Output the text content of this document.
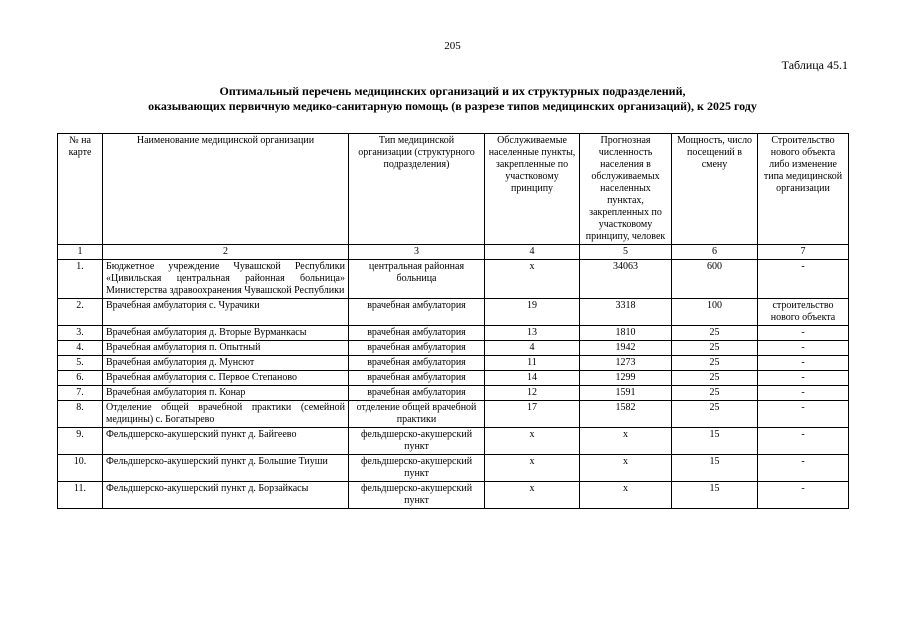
205
Таблица 45.1
Оптимальный перечень медицинских организаций и их структурных подразделений,
оказывающих первичную медико-санитарную помощь (в разрезе типов медицинских организаций), к 2025 году
№ на карте	Наименование медицинской организации	Тип медицинской организации (структурного подразделения)	Обслуживаемые населенные пункты, закрепленные по участковому принципу	Прогнозная численность населения в обслуживаемых населенных пунктах, закрепленных по участковому принципу, человек	Мощность, число посещений в смену	Строительство нового объекта либо изменение типа медицинской организации
1	2	3	4	5	6	7
1.	Бюджетное учреждение Чувашской Республики «Цивильская центральная районная больница» Министерства здравоохранения Чувашской Республики	центральная районная больница	х	34063	600	-
2.	Врачебная амбулатория с. Чурачики	врачебная амбулатория	19	3318	100	строительство нового объекта
3.	Врачебная амбулатория д. Вторые Вурманкасы	врачебная амбулатория	13	1810	25	-
4.	Врачебная амбулатория п. Опытный	врачебная амбулатория	4	1942	25	-
5.	Врачебная амбулатория д. Мунсют	врачебная амбулатория	11	1273	25	-
6.	Врачебная амбулатория с. Первое Степаново	врачебная амбулатория	14	1299	25	-
7.	Врачебная амбулатория п. Конар	врачебная амбулатория	12	1591	25	-
8.	Отделение общей врачебной практики (семейной медицины) с. Богатырево	отделение общей врачебной практики	17	1582	25	-
9.	Фельдшерско-акушерский пункт д. Байгеево	фельдшерско-акушерский пункт	х	х	15	-
10.	Фельдшерско-акушерский пункт д. Большие Тиуши	фельдшерско-акушерский пункт	х	х	15	-
11.	Фельдшерско-акушерский пункт д. Борзайкасы	фельдшерско-акушерский пункт	х	х	15	-
